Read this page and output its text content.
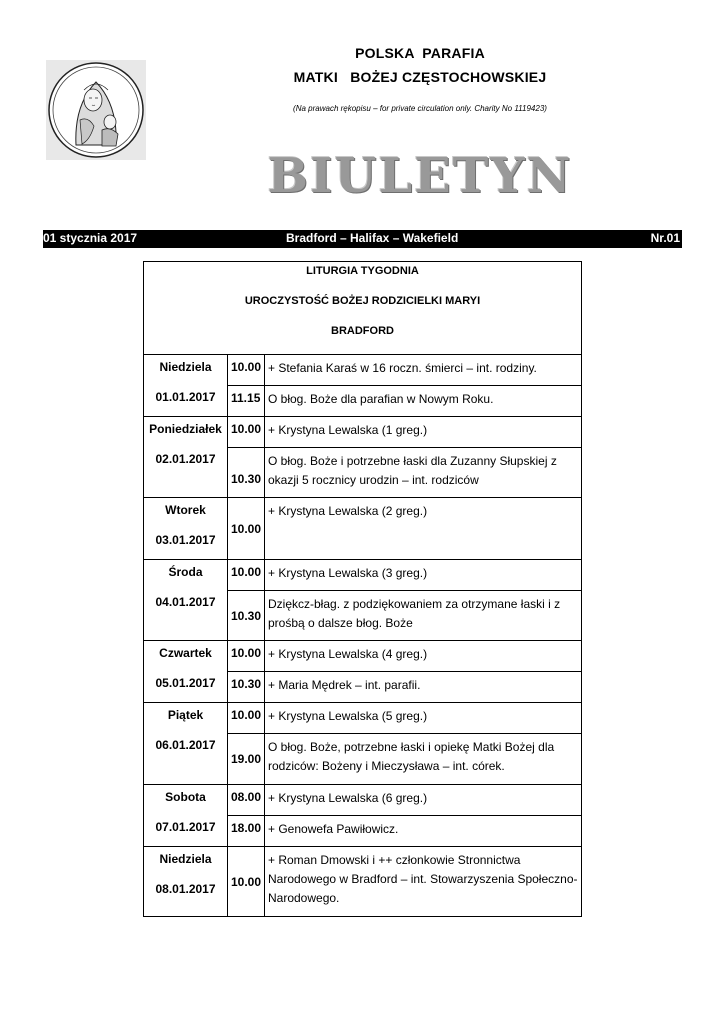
POLSKA  PARAFIA
MATKI   BOŻEJ CZĘSTOCHOWSKIEJ
(Na prawach rękopisu – for private circulation only. Charity No 1119423)
BIULETYN
01 stycznia 2017	Bradford – Halifax – Wakefield	Nr.01
LITURGIA TYGODNIA
UROCZYSTOŚĆ BOŻEJ RODZICIELKI MARYI
BRADFORD		

Niedziela
01.01.2017	10.00	+ Stefania Karaś w 16 roczn. śmierci – int. rodziny.

	11.15	O błog. Boże dla parafian w Nowym Roku.

Poniedziałek
02.01.2017	10.00	+ Krystyna Lewalska (1 greg.)

	10.30	O błog. Boże i potrzebne łaski dla Zuzanny Słupskiej z okazji 5 rocznicy urodzin – int. rodziców

Wtorek
03.01.2017	10.00	+ Krystyna Lewalska (2 greg.)

Środa
04.01.2017	10.00	+ Krystyna Lewalska (3 greg.)

	10.30	Dziękcz-błag. z podziękowaniem za otrzymane łaski i z prośbą o dalsze błog. Boże

Czwartek
05.01.2017	10.00	+ Krystyna Lewalska (4 greg.)

	10.30	+ Maria Mędrek – int. parafii.

Piątek
06.01.2017	10.00	+ Krystyna Lewalska (5 greg.)

	19.00	O błog. Boże, potrzebne łaski i opiekę Matki Bożej dla rodziców: Bożeny i Mieczysława – int. córek.

Sobota
07.01.2017	08.00	+ Krystyna Lewalska (6 greg.)

	18.00	+ Genowefa Pawiłowicz.

Niedziela
08.01.2017	10.00	+ Roman Dmowski i ++ członkowie Stronnictwa Narodowego w Bradford – int. Stowarzyszenia Społeczno-Narodowego.
